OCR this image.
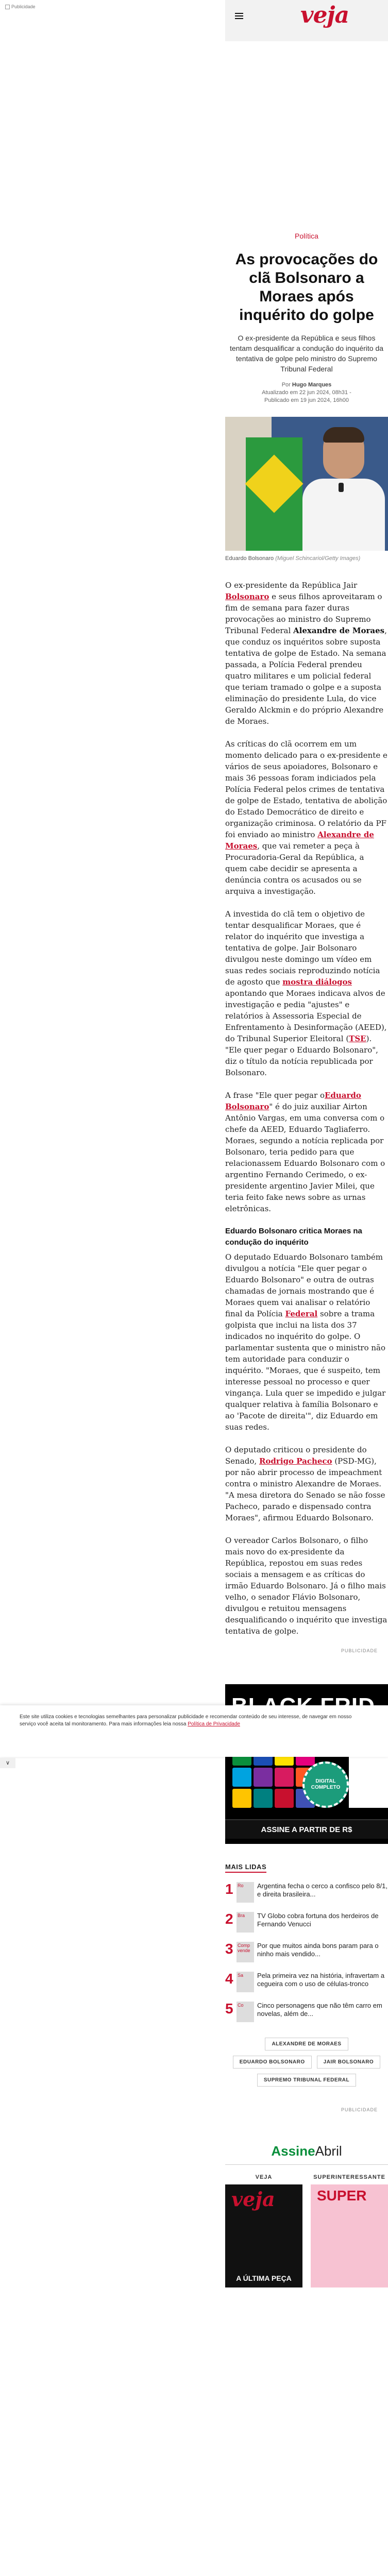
Publicidade	veja
Política
As provocações do clã Bolsonaro a Moraes após inquérito do golpe

O ex-presidente da República e seus filhos tentam desqualificar a condução do inquérito da tentativa de golpe pelo ministro do Supremo Tribunal Federal

Por Hugo Marques
Atualizado em 22 jun 2024, 08h31 -
Publicado em 19 jun 2024, 16h00
Eduardo Bolsonaro (Miguel Schincariol/Getty Images)

O ex-presidente da República Jair Bolsonaro e seus filhos aproveitaram o fim de semana para fazer duras provocações ao ministro do Supremo Tribunal Federal Alexandre de Moraes, que conduz os inquéritos sobre suposta tentativa de golpe de Estado. Na semana passada, a Polícia Federal prendeu quatro militares e um policial federal que teriam tramado o golpe e a suposta eliminação do presidente Lula, do vice Geraldo Alckmin e do próprio Alexandre de Moraes.

As críticas do clã ocorrem em um momento delicado para o ex-presidente e vários de seus apoiadores, Bolsonaro e mais 36 pessoas foram indiciados pela Polícia Federal pelos crimes de tentativa de golpe de Estado, tentativa de abolição do Estado Democrático de direito e organização criminosa. O relatório da PF foi enviado ao ministro Alexandre de Moraes, que vai remeter a peça à Procuradoria-Geral da República, a quem cabe decidir se apresenta a denúncia contra os acusados ou se arquiva a investigação.

A investida do clã tem o objetivo de tentar desqualificar Moraes, que é relator do inquérito que investiga a tentativa de golpe. Jair Bolsonaro divulgou neste domingo um vídeo em suas redes sociais reproduzindo notícia de agosto que mostra diálogos apontando que Moraes indicava alvos de investigação e pedia "ajustes" e relatórios à Assessoria Especial de Enfrentamento à Desinformação (AEED), do Tribunal Superior Eleitoral (TSE). "Ele quer pegar o Eduardo Bolsonaro", diz o título da notícia republicada por Bolsonaro.

A frase "Ele quer pegar oEduardo Bolsonaro" é do juiz auxiliar Airton Antônio Vargas, em uma conversa com o chefe da AEED, Eduardo Tagliaferro. Moraes, segundo a notícia replicada por Bolsonaro, teria pedido para que relacionassem Eduardo Bolsonaro com o argentino Fernando Cerimedo, o ex-presidente argentino Javier Milei, que teria feito fake news sobre as urnas eletrônicas.

Eduardo Bolsonaro critica Moraes na condução do inquérito

O deputado Eduardo Bolsonaro também divulgou a notícia "Ele quer pegar o Eduardo Bolsonaro" e outra de outras chamadas de jornais mostrando que é Moraes quem vai analisar o relatório final da Polícia Federal sobre a trama golpista que inclui na lista dos 37 indicados no inquérito do golpe. O parlamentar sustenta que o ministro não tem autoridade para conduzir o inquérito. "Moraes, que é suspeito, tem interesse pessoal no processo e quer vingança. Lula quer se impedido e julgar qualquer relativa à família Bolsonaro e ao 'Pacote de direita'", diz Eduardo em suas redes.

O deputado criticou o presidente do Senado, Rodrigo Pacheco (PSD-MG), por não abrir processo de impeachment contra o ministro Alexandre de Moraes. "A mesa diretora do Senado se não fosse Pacheco, parado e dispensado contra Moraes", afirmou Eduardo Bolsonaro.

O vereador Carlos Bolsonaro, o filho mais novo do ex-presidente da República, repostou em suas redes sociais a mensagem e as críticas do irmão Eduardo Bolsonaro. Já o filho mais velho, o senador Flávio Bolsonaro, divulgou e retuitou mensagens desqualificando o inquérito que investiga tentativa de golpe.

PUBLICIDADE
DIGITAL COMPLETO
ASSINE A PARTIR DE R$
MAIS LIDAS
1 Ro	Argentina fecha o cerco a confisco pelo 8/1, e direita brasileira...
2 Bra	TV Globo cobra fortuna dos herdeiros de Fernando Venucci
3 Comp vende
Por que muitos ainda bons param para o ninho mais vendido...
4 Sa	Pela primeira vez na história, infravertam a cegueira com o uso de células-tronco
5 Co	Cinco personagens que não têm carro em novelas, além de...
ALEXANDRE DE MORAES
EDUARDO BOLSONARO	JAIR BOLSONARO
SUPREMO TRIBUNAL FEDERAL
PUBLICIDADE
AssineAbril
VEJA
veja
A ÚLTIMA PEÇA
SUPERINTERESSANTE
SUPER

Este site utiliza cookies e tecnologias semelhantes para personalizar publicidade e recomendar conteúdo de seu interesse, de navegar em nosso serviço você aceita tal monitoramento. Para mais informações leia nossa Política de Privacidade

∨
